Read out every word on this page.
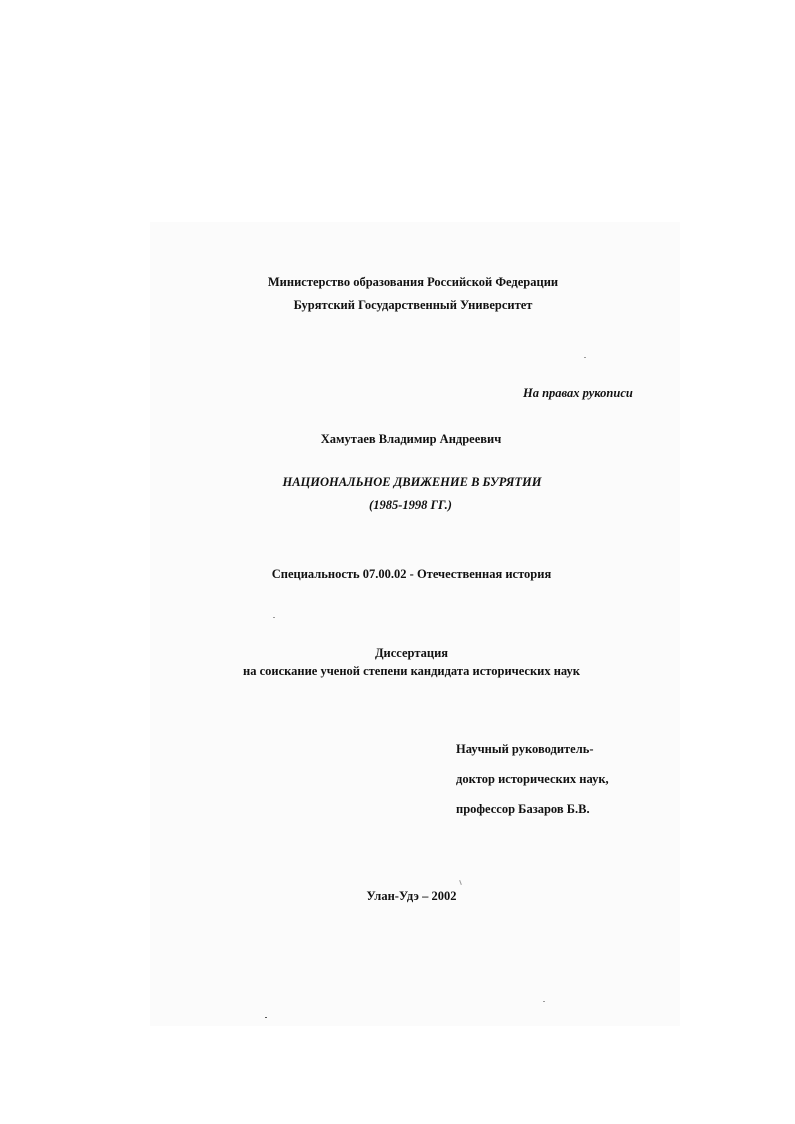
Министерство образования Российской Федерации
Бурятский Государственный Университет
На правах рукописи
Хамутаев Владимир Андреевич
НАЦИОНАЛЬНОЕ ДВИЖЕНИЕ В БУРЯТИИ
(1985-1998 ГГ.)
Специальность 07.00.02 - Отечественная история
Диссертация
на соискание ученой степени кандидата исторических наук
Научный руководитель-
доктор исторических наук,
профессор Базаров Б.В.
Улан-Удэ – 2002
